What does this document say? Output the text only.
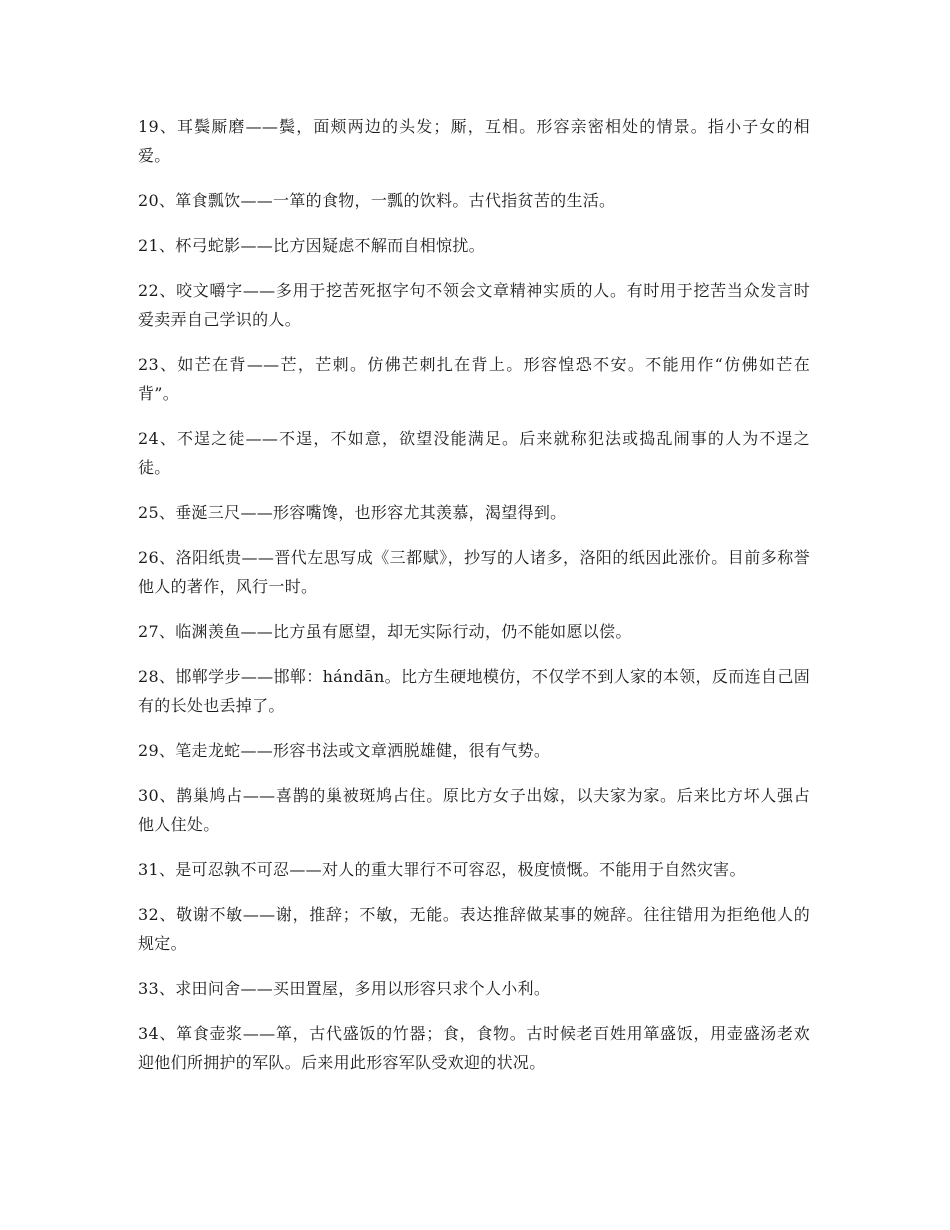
19、耳鬓厮磨——鬓，面颊两边的头发；厮，互相。形容亲密相处的情景。指小子女的相爱。
20、箪食瓢饮——一箪的食物，一瓢的饮料。古代指贫苦的生活。
21、杯弓蛇影——比方因疑虑不解而自相惊扰。
22、咬文嚼字——多用于挖苦死抠字句不领会文章精神实质的人。有时用于挖苦当众发言时爱卖弄自己学识的人。
23、如芒在背——芒，芒刺。仿佛芒刺扎在背上。形容惶恐不安。不能用作“仿佛如芒在背”。
24、不逞之徒——不逞，不如意，欲望没能满足。后来就称犯法或捣乱闹事的人为不逞之徒。
25、垂涎三尺——形容嘴馋，也形容尤其羡慕，渴望得到。
26、洛阳纸贵——晋代左思写成《三都赋》，抄写的人诸多，洛阳的纸因此涨价。目前多称誉他人的著作，风行一时。
27、临渊羡鱼——比方虽有愿望，却无实际行动，仍不能如愿以偿。
28、邯郸学步——邯郸：hándān。比方生硬地模仿，不仅学不到人家的本领，反而连自己固有的长处也丢掉了。
29、笔走龙蛇——形容书法或文章洒脱雄健，很有气势。
30、鹊巢鸠占——喜鹊的巢被斑鸠占住。原比方女子出嫁，以夫家为家。后来比方坏人强占他人住处。
31、是可忍孰不可忍——对人的重大罪行不可容忍，极度愤慨。不能用于自然灾害。
32、敬谢不敏——谢，推辞；不敏，无能。表达推辞做某事的婉辞。往往错用为拒绝他人的规定。
33、求田问舍——买田置屋，多用以形容只求个人小利。
34、箪食壶浆——箪，古代盛饭的竹器；食，食物。古时候老百姓用箪盛饭，用壶盛汤老欢迎他们所拥护的军队。后来用此形容军队受欢迎的状况。
